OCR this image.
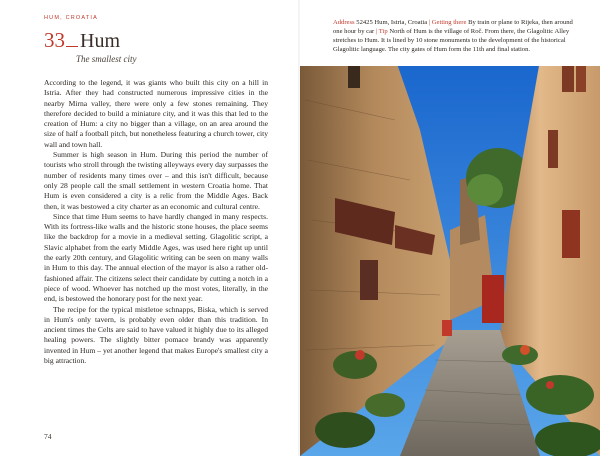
HUM, CROATIA
33 Hum
The smallest city

According to the legend, it was giants who built this city on a hill in Istria. After they had constructed numerous impressive cities in the nearby Mirna valley, there were only a few stones remaining. They therefore decided to build a miniature city, and it was this that led to the creation of Hum: a city no bigger than a village, on an area around the size of half a football pitch, but nonetheless featuring a church tower, city wall and town hall.

Summer is high season in Hum. During this period the number of tourists who stroll through the twisting alleyways every day surpasses the number of residents many times over – and this isn't difficult, because only 28 people call the small settlement in western Croatia home. That Hum is even considered a city is a relic from the Middle Ages. Back then, it was bestowed a city charter as an economic and cultural centre.

Since that time Hum seems to have hardly changed in many respects. With its fortress-like walls and the historic stone houses, the place seems like the backdrop for a movie in a medieval setting. Glagolitic script, a Slavic alphabet from the early Middle Ages, was used here right up until the early 20th century, and Glagolitic writing can be seen on many walls in Hum to this day. The annual election of the mayor is also a rather old-fashioned affair. The citizens select their candidate by cutting a notch in a piece of wood. Whoever has notched up the most votes, literally, in the end, is bestowed the honorary post for the next year.

The recipe for the typical mistletoe schnapps, Biska, which is served in Hum's only tavern, is probably even older than this tradition. In ancient times the Celts are said to have valued it highly due to its alleged healing powers. The slightly bitter pomace brandy was apparently invented in Hum – yet another legend that makes Europe's smallest city a big attraction.

74
Address 52425 Hum, Istria, Croatia | Getting there By train or plane to Rijeka, then around one hour by car | Tip North of Hum is the village of Roč. From there, the Glagolitic Alley stretches to Hum. It is lined by 10 stone monuments to the development of the historical Glagolitic language. The city gates of Hum form the 11th and final station.
